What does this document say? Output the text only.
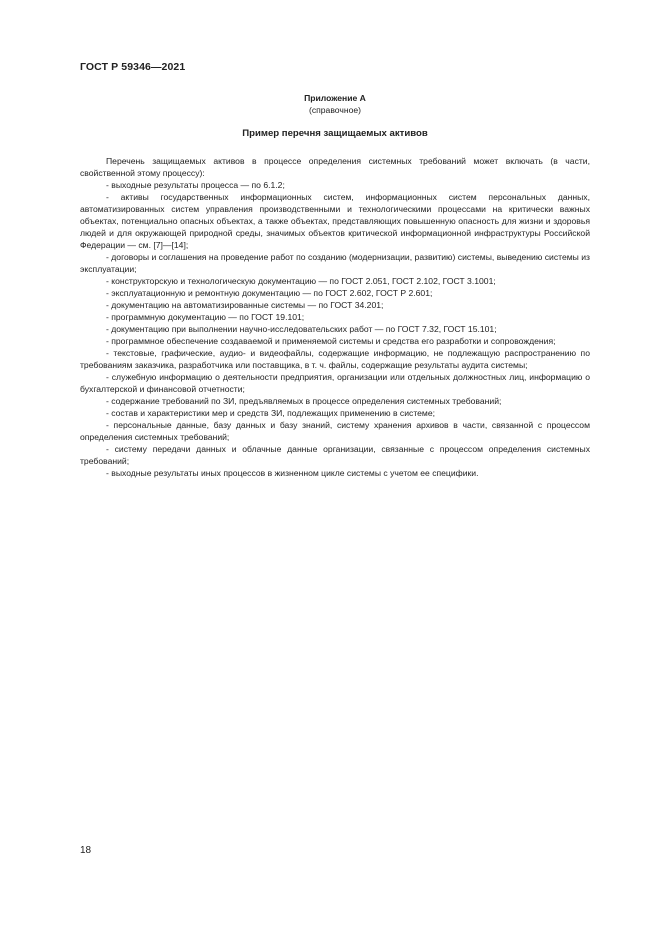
ГОСТ Р 59346—2021
Приложение А
(справочное)
Пример перечня защищаемых активов

Перечень защищаемых активов в процессе определения системных требований может включать (в части, свойственной этому процессу):

- выходные результаты процесса — по 6.1.2;

- активы государственных информационных систем, информационных систем персональных данных, автоматизированных систем управления производственными и технологическими процессами на критически важных объектах, потенциально опасных объектах, а также объектах, представляющих повышенную опасность для жизни и здоровья людей и для окружающей природной среды, значимых объектов критической информационной инфраструктуры Российской Федерации — см. [7]—[14];

- договоры и соглашения на проведение работ по созданию (модернизации, развитию) системы, выведению системы из эксплуатации;

- конструкторскую и технологическую документацию — по ГОСТ 2.051, ГОСТ 2.102, ГОСТ 3.1001;

- эксплуатационную и ремонтную документацию — по ГОСТ 2.602, ГОСТ Р 2.601;

- документацию на автоматизированные системы — по ГОСТ 34.201;

- программную документацию — по ГОСТ 19.101;

- документацию при выполнении научно-исследовательских работ — по ГОСТ 7.32, ГОСТ 15.101;

- программное обеспечение создаваемой и применяемой системы и средства его разработки и сопровождения;

- текстовые, графические, аудио- и видеофайлы, содержащие информацию, не подлежащую распространению по требованиям заказчика, разработчика или поставщика, в т. ч. файлы, содержащие результаты аудита системы;

- служебную информацию о деятельности предприятия, организации или отдельных должностных лиц, информацию о бухгалтерской и финансовой отчетности;

- содержание требований по ЗИ, предъявляемых в процессе определения системных требований;

- состав и характеристики мер и средств ЗИ, подлежащих применению в системе;

- персональные данные, базу данных и базу знаний, систему хранения архивов в части, связанной с процессом определения системных требований;

- систему передачи данных и облачные данные организации, связанные с процессом определения системных требований;

- выходные результаты иных процессов в жизненном цикле системы с учетом ее специфики.

18
